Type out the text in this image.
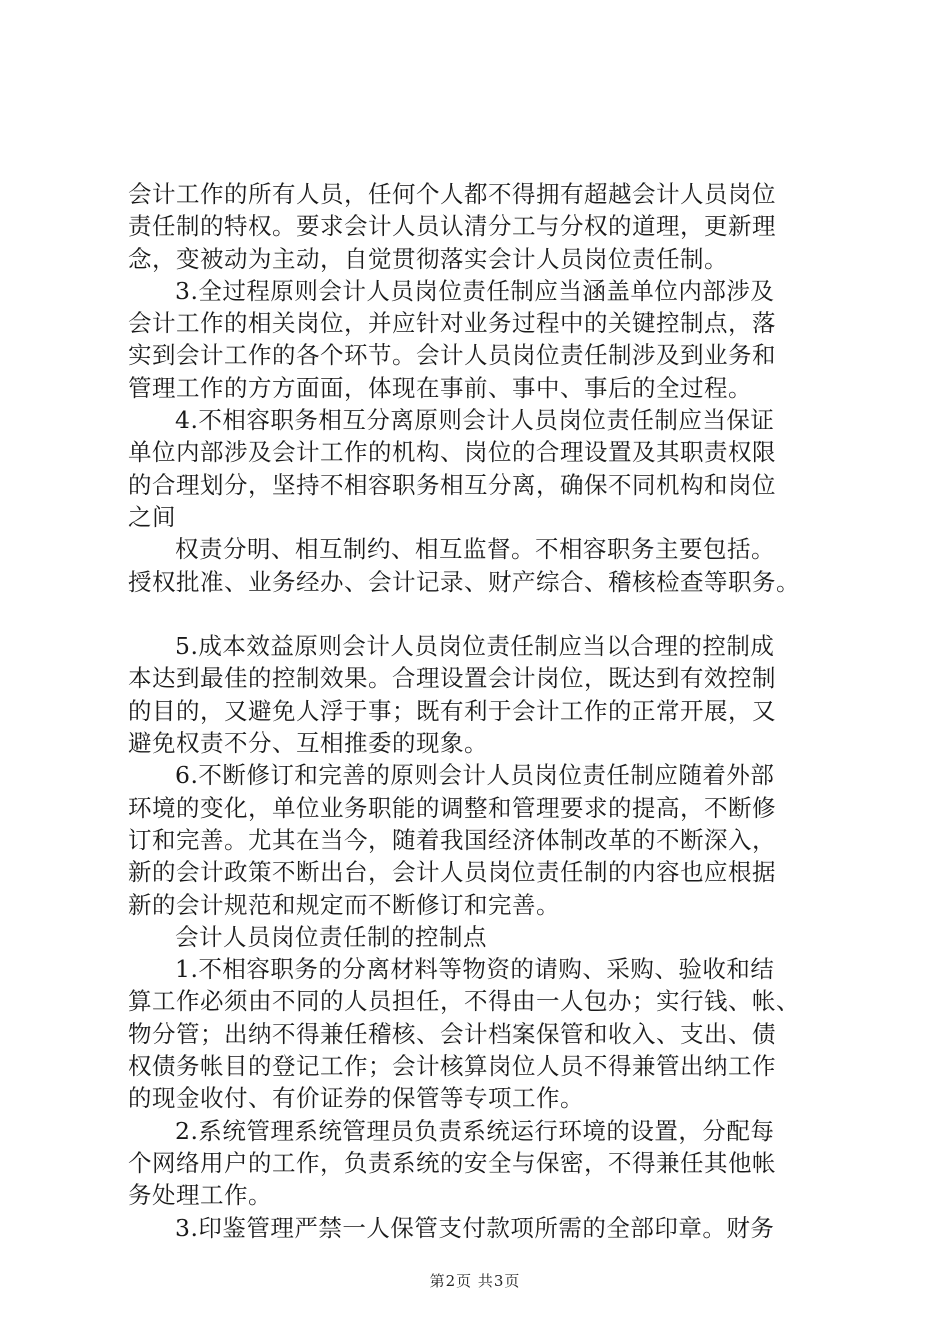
会计工作的所有人员，任何个人都不得拥有超越会计人员岗位
责任制的特权。要求会计人员认清分工与分权的道理，更新理
念，变被动为主动，自觉贯彻落实会计人员岗位责任制。
3.全过程原则会计人员岗位责任制应当涵盖单位内部涉及
会计工作的相关岗位，并应针对业务过程中的关键控制点，落
实到会计工作的各个环节。会计人员岗位责任制涉及到业务和
管理工作的方方面面，体现在事前、事中、事后的全过程。
4.不相容职务相互分离原则会计人员岗位责任制应当保证
单位内部涉及会计工作的机构、岗位的合理设置及其职责权限
的合理划分，坚持不相容职务相互分离，确保不同机构和岗位
之间
权责分明、相互制约、相互监督。不相容职务主要包括。
授权批准、业务经办、会计记录、财产综合、稽核检查等职务。
5.成本效益原则会计人员岗位责任制应当以合理的控制成
本达到最佳的控制效果。合理设置会计岗位，既达到有效控制
的目的，又避免人浮于事；既有利于会计工作的正常开展，又
避免权责不分、互相推委的现象。
6.不断修订和完善的原则会计人员岗位责任制应随着外部
环境的变化，单位业务职能的调整和管理要求的提高，不断修
订和完善。尤其在当今，随着我国经济体制改革的不断深入，
新的会计政策不断出台，会计人员岗位责任制的内容也应根据
新的会计规范和规定而不断修订和完善。
会计人员岗位责任制的控制点
1.不相容职务的分离材料等物资的请购、采购、验收和结
算工作必须由不同的人员担任，不得由一人包办；实行钱、帐、
物分管；出纳不得兼任稽核、会计档案保管和收入、支出、债
权债务帐目的登记工作；会计核算岗位人员不得兼管出纳工作
的现金收付、有价证券的保管等专项工作。
2.系统管理系统管理员负责系统运行环境的设置，分配每
个网络用户的工作，负责系统的安全与保密，不得兼任其他帐
务处理工作。
3.印鉴管理严禁一人保管支付款项所需的全部印章。财务
第2页 共3页
